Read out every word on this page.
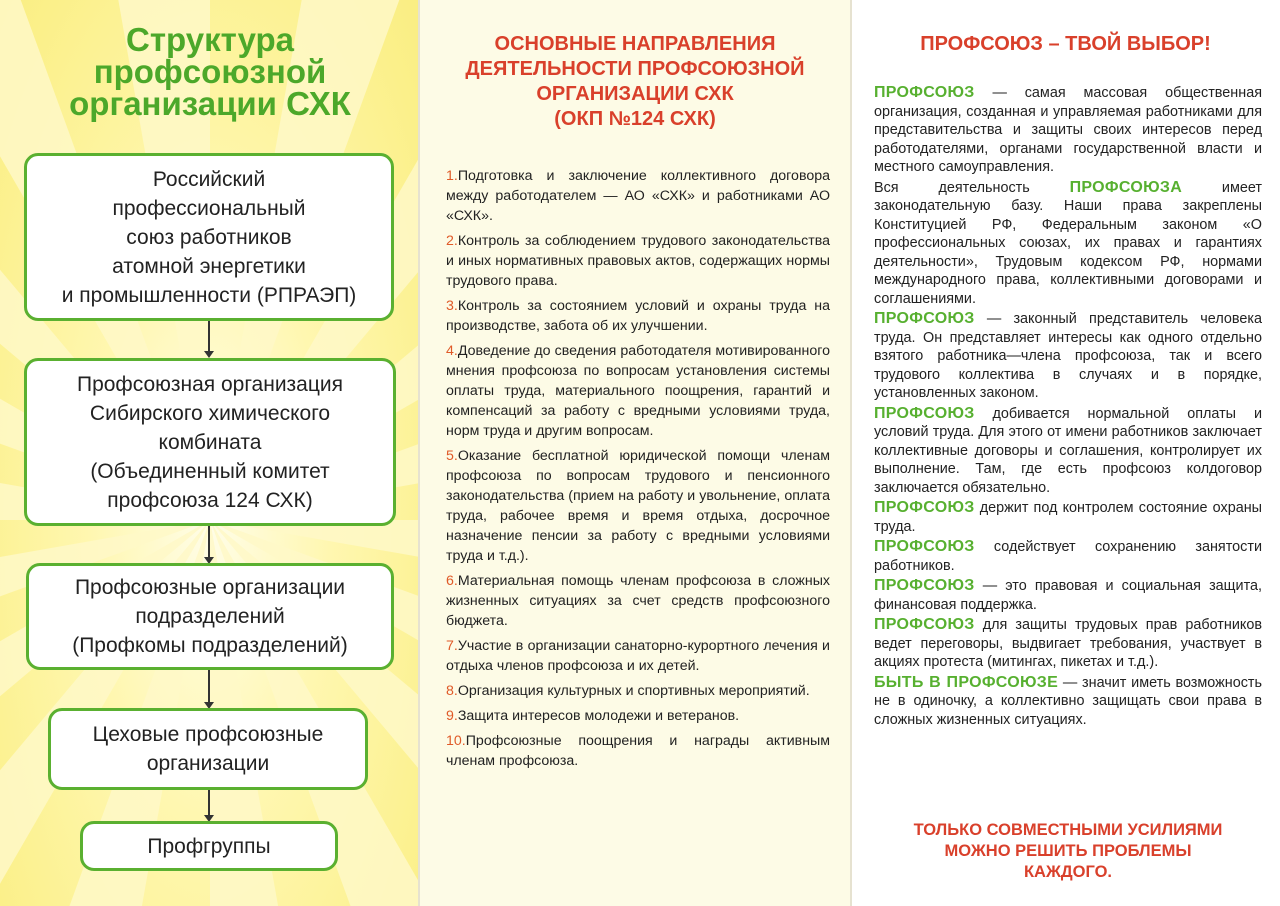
Структура профсоюзной организации СХК
Российский
профессиональный
союз работников
атомной энергетики
и промышленности (РПРАЭП)
Профсоюзная организация
Сибирского химического
комбината
(Объединенный комитет
профсоюза 124 СХК)
Профсоюзные организации
подразделений
(Профкомы подразделений)
Цеховые профсоюзные
организации
Профгруппы
ОСНОВНЫЕ НАПРАВЛЕНИЯ
ДЕЯТЕЛЬНОСТИ ПРОФСОЮЗНОЙ
ОРГАНИЗАЦИИ СХК
(ОКП №124 СХК)

1.Подготовка и заключение коллективного договора между работодателем — АО «СХК» и работниками АО «СХК».

2.Контроль за соблюдением трудового законодательства и иных нормативных правовых актов, содержащих нормы трудового права.

3.Контроль за состоянием условий и охраны труда на производстве, забота об их улучшении.

4.Доведение до сведения работодателя мотивированного мнения профсоюза по вопросам установления системы оплаты труда, материального поощрения, гарантий и компенсаций за работу с вредными условиями труда, норм труда и другим вопросам.

5.Оказание бесплатной юридической помощи членам профсоюза по вопросам трудового и пенсионного законодательства (прием на работу и увольнение, оплата труда, рабочее время и время отдыха, досрочное назначение пенсии за работу с вредными условиями труда и т.д.).

6.Материальная помощь членам профсоюза в сложных жизненных ситуациях за счет средств профсоюзного бюджета.

7.Участие в организации санаторно-курортного лечения и отдыха членов профсоюза и их детей.

8.Организация культурных и спортивных мероприятий.

9.Защита интересов молодежи и ветеранов.

10.Профсоюзные поощрения и награды активным членам профсоюза.

ПРОФСОЮЗ – ТВОЙ ВЫБОР!

ПРОФСОЮЗ — самая массовая общественная организация, созданная и управляемая работниками для представительства и защиты своих интересов перед работодателями, органами государственной власти и местного самоуправления.

Вся деятельность ПРОФСОЮЗА имеет законодательную базу. Наши права закреплены Конституцией РФ, Федеральным законом «О профессиональных союзах, их правах и гарантиях деятельности», Трудовым кодексом РФ, нормами международного права, коллективными договорами и соглашениями.

ПРОФСОЮЗ — законный представитель человека труда. Он представляет интересы как одного отдельно взятого работника—члена профсоюза, так и всего трудового коллектива в случаях и в порядке, установленных законом.

ПРОФСОЮЗ добивается нормальной оплаты и условий труда. Для этого от имени работников заключает коллективные договоры и соглашения, контролирует их выполнение. Там, где есть профсоюз колдоговор заключается обязательно.

ПРОФСОЮЗ держит под контролем состояние охраны труда.

ПРОФСОЮЗ содействует сохранению занятости работников.

ПРОФСОЮЗ — это правовая и социальная защита, финансовая поддержка.

ПРОФСОЮЗ для защиты трудовых прав работников ведет переговоры, выдвигает требования, участвует в акциях протеста (митингах, пикетах и т.д.).

БЫТЬ В ПРОФСОЮЗЕ — значит иметь возможность не в одиночку, а коллективно защищать свои права в сложных жизненных ситуациях.

ТОЛЬКО СОВМЕСТНЫМИ УСИЛИЯМИ
МОЖНО РЕШИТЬ ПРОБЛЕМЫ
КАЖДОГО.
